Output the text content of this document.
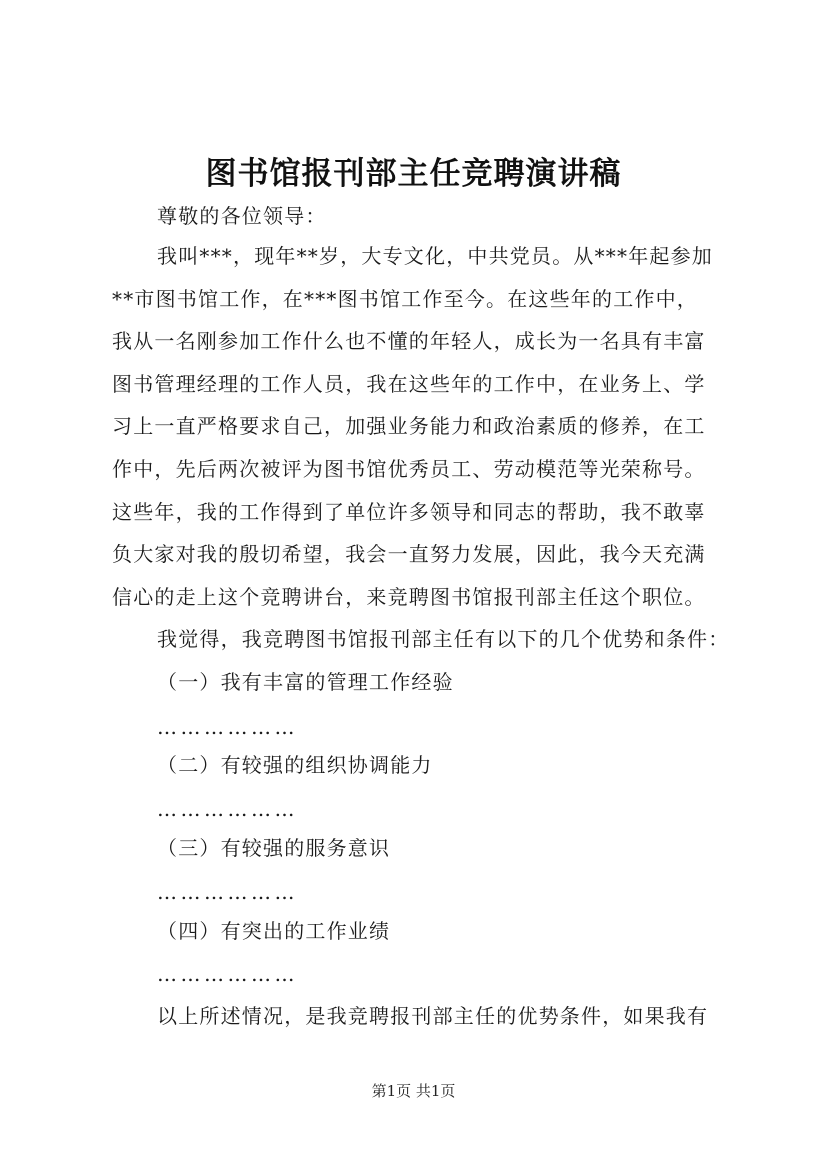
图书馆报刊部主任竞聘演讲稿
尊敬的各位领导：
我叫***，现年**岁，大专文化，中共党员。从***年起参加
**市图书馆工作，在***图书馆工作至今。在这些年的工作中，
我从一名刚参加工作什么也不懂的年轻人，成长为一名具有丰富
图书管理经理的工作人员，我在这些年的工作中，在业务上、学
习上一直严格要求自己，加强业务能力和政治素质的修养，在工
作中，先后两次被评为图书馆优秀员工、劳动模范等光荣称号。
这些年，我的工作得到了单位许多领导和同志的帮助，我不敢辜
负大家对我的殷切希望，我会一直努力发展，因此，我今天充满
信心的走上这个竞聘讲台，来竞聘图书馆报刊部主任这个职位。
我觉得，我竞聘图书馆报刊部主任有以下的几个优势和条件：
（一）我有丰富的管理工作经验
………………
（二）有较强的组织协调能力
………………
（三）有较强的服务意识
………………
（四）有突出的工作业绩
………………
以上所述情况，是我竞聘报刊部主任的优势条件，如果我有
第1页 共1页
